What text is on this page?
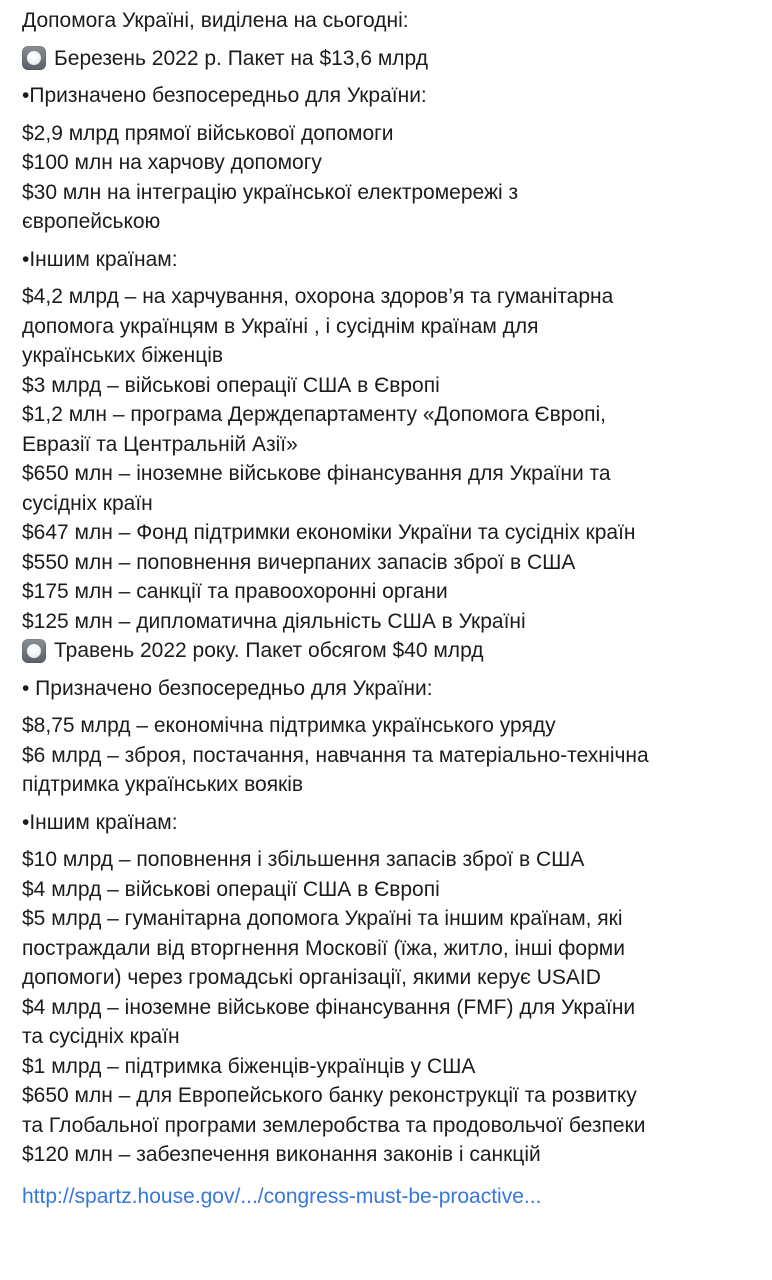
Допомога Україні, виділена на сьогодні:
Березень 2022 р. Пакет на $13,6 млрд
•Призначено безпосередньо для України:
$2,9 млрд прямої військової допомоги
$100 млн на харчову допомогу
$30 млн на інтеграцію української електромережі з
європейською
•Іншим країнам:
$4,2 млрд – на харчування, охорона здоров’я та гуманітарна
допомога українцям в Україні , і сусіднім країнам для
українських біженців
$3 млрд – військові операції США в Європі
$1,2 млн – програма Держдепартаменту «Допомога Європі,
Евразії та Центральній Азії»
$650 млн – іноземне військове фінансування для України та
сусідніх країн
$647 млн – Фонд підтримки економіки України та сусідніх країн
$550 млн – поповнення вичерпаних запасів зброї в США
$175 млн – санкції та правоохоронні органи
$125 млн – дипломатична діяльність США в Україні
Травень 2022 року. Пакет обсягом $40 млрд
• Призначено безпосередньо для України:
$8,75 млрд – економічна підтримка українського уряду
$6 млрд – зброя, постачання, навчання та матеріально-технічна
підтримка українських вояків
•Іншим країнам:
$10 млрд – поповнення і збільшення запасів зброї в США
$4 млрд – військові операції США в Європі
$5 млрд – гуманітарна допомога Україні та іншим країнам, які
постраждали від вторгнення Московії (їжа, житло, інші форми
допомоги) через громадські організації, якими керує USAID
$4 млрд – іноземне військове фінансування (FMF) для України
та сусідніх країн
$1 млрд – підтримка біженців-українців у США
$650 млн – для Европейського банку реконструкції та розвитку
та Глобальної програми землеробства та продовольчої безпеки
$120 млн – забезпечення виконання законів і санкцій
http://spartz.house.gov/.../congress-must-be-proactive...
